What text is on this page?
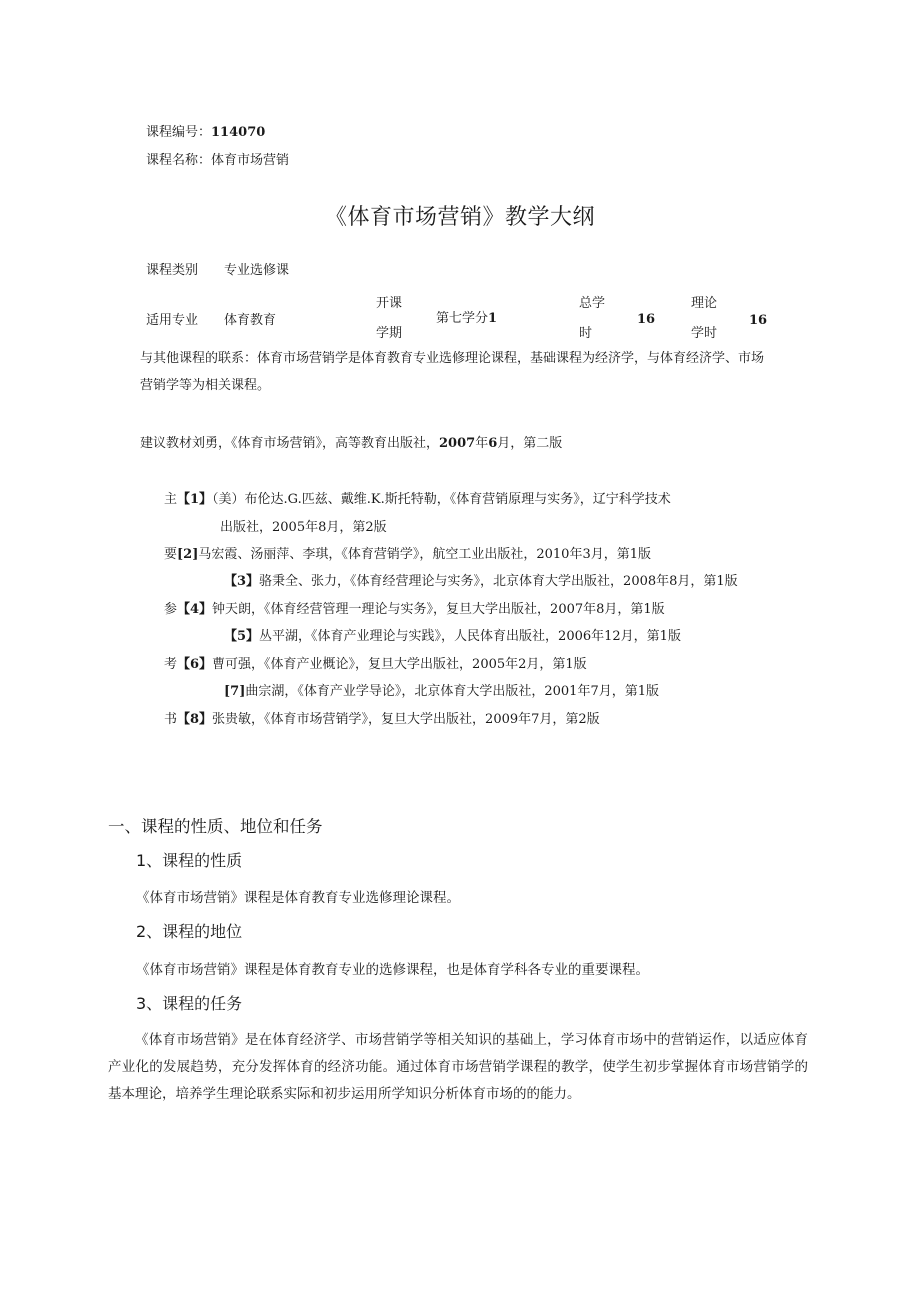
课程编号：114070
课程名称：体育市场营销
《体育市场营销》教学大纲
课程类别 专业选修课
适用专业 体育教育
开课
学期
第七学分1
总学
时
16
理论
学时
16
与其他课程的联系：体育市场营销学是体育教育专业选修理论课程，基础课程为经济学，与体育经济学、市场
营销学等为相关课程。
建议教材刘勇，《体育市场营销》，高等教育出版社，2007年6月，第二版
主
要
参
考
书
【1】（美）布伦达.G.匹兹、戴维.K.斯托特勒，《体育营销原理与实务》，辽宁科学技术
出版社，2005年8月，第2版
[2]马宏霞、汤丽萍、李琪，《体育营销学》，航空工业出版社，2010年3月，第1版
【3】骆秉全、张力，《体育经营理论与实务》，北京体育大学出版社，2008年8月，第1版
【4】钟天朗，《体育经营管理一理论与实务》，复旦大学出版社，2007年8月，第1版
【5】丛平湖，《体育产业理论与实践》，人民体育出版社，2006年12月，第1版
【6】曹可强，《体育产业概论》，复旦大学出版社，2005年2月，第1版
[7]曲宗湖，《体育产业学导论》，北京体育大学出版社，2001年7月，第1版
【8】张贵敏，《体育市场营销学》，复旦大学出版社，2009年7月，第2版
一、课程的性质、地位和任务
1、课程的性质
《体育市场营销》课程是体育教育专业选修理论课程。
2、课程的地位
《体育市场营销》课程是体育教育专业的选修课程，也是体育学科各专业的重要课程。
3、课程的任务
《体育市场营销》是在体育经济学、市场营销学等相关知识的基础上，学习体育市场中的营销运作，以适应体育产业化的发展趋势，充分发挥体育的经济功能。通过体育市场营销学课程的教学，使学生初步掌握体育市场营销学的基本理论，培养学生理论联系实际和初步运用所学知识分析体育市场的的能力。
